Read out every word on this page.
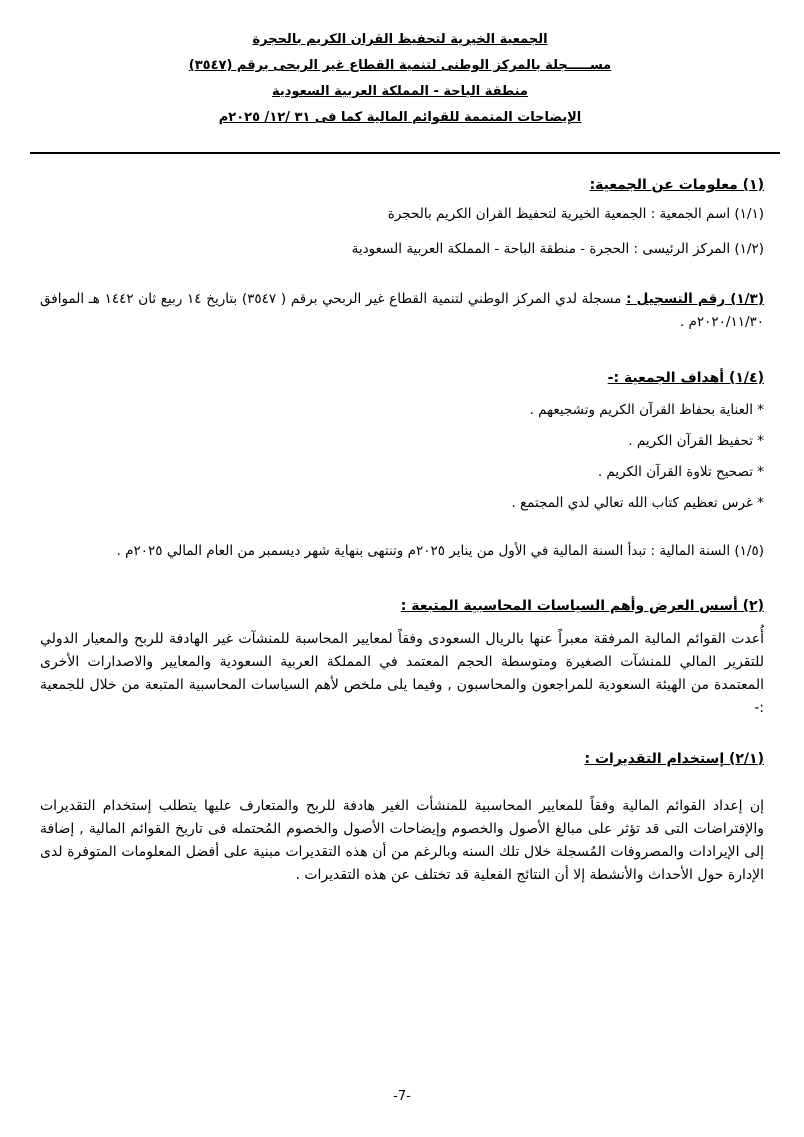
الجمعية الخيرية لتحفيظ القران الكريم بالحجرة
مســـــجلة بالمركز الوطنى لتنمية القطاع غير الربحى برقم (٣٥٤٧)
منطقة الباحة - المملكة العربية السعودية
الإيضاحات المتممة للقوائم المالية كما فى ٣١ /١٢/ ٢٠٢٥م
(١) معلومات عن الجمعية:
(١/١) اسم الجمعية : الجمعية الخيرية لتحفيظ القران الكريم بالحجرة
(١/٢) المركز الرئيسى : الحجرة - منطقة الباحة - المملكة العربية السعودية
(١/٣) رقم التسجيل : مسجلة لدي المركز الوطني لتنمية القطاع غير الربحي برقم ( ٣٥٤٧) بتاريخ ١٤ ربيع ثان ١٤٤٢ هـ الموافق ٢٠٢٠/١١/٣٠م .
(١/٤) أهداف الجمعية :-
* العناية بحفاظ القرآن الكريم وتشجيعهم .
* تحفيظ القرآن الكريم .
* تصحيح تلاوة القرآن الكريم .
* غرس تعظيم كتاب الله تعالي لدي المجتمع .
(١/٥) السنة المالية : تبدأ السنة المالية في الأول من يناير ٢٠٢٥م وتنتهى بنهاية شهر ديسمبر من العام المالي ٢٠٢٥م .
(٢) أسس العرض وأهم السياسات المحاسبية المتبعة :
أُعدت القوائم المالية المرفقة معبراً عنها بالريال السعودى وفقاً لمعايير المحاسبة للمنشآت غير الهادفة للربح والمعيار الدولي للتقرير المالي للمنشآت الصغيرة ومتوسطة الحجم المعتمد في المملكة العربية السعودية والمعايير والاصدارات الأخرى المعتمدة من الهيئة السعودية للمراجعون والمحاسبون , وفيما يلى ملخص لأهم السياسات المحاسبية المتبعة من خلال للجمعية :-
(٢/١) إستخدام التقديرات :
إن إعداد القوائم المالية وفقاً للمعايير المحاسبية للمنشأت الغير هادفة للربح والمتعارف عليها يتطلب إستخدام التقديرات والإفتراضات التى قد تؤثر على مبالغ الأصول والخصوم وإيضاحات الأصول والخصوم المُحتمله فى تاريخ القوائم المالية , إضافة إلى الإيرادات والمصروفات المُسجلة خلال تلك السنه وبالرغم من أن هذه التقديرات مبنية على أفضل المعلومات المتوفرة لدى الإدارة حول الأحداث والأنشطة إلا أن النتائج الفعلية قد تختلف عن هذه التقديرات .
-7-
